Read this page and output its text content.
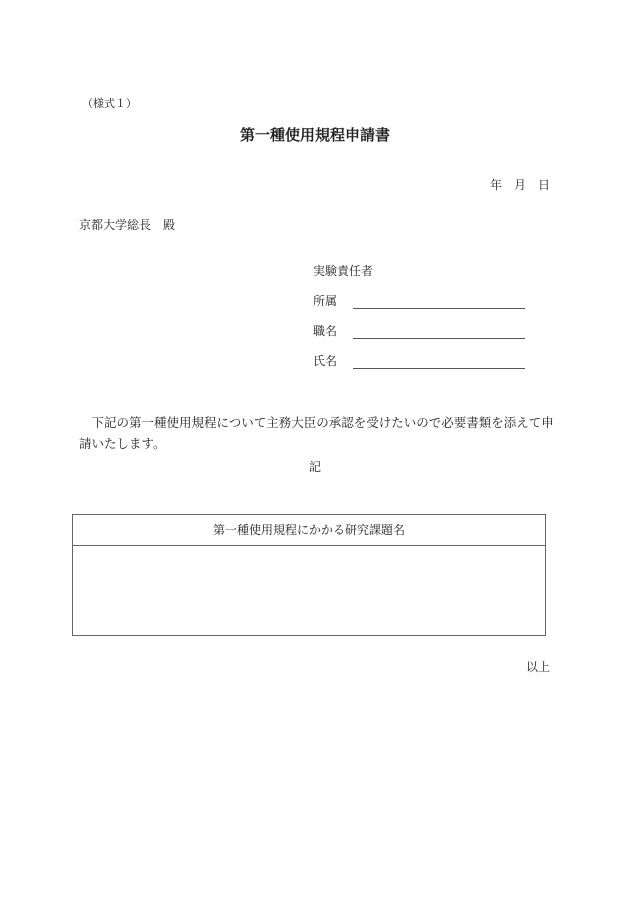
（様式１）
第一種使用規程申請書
年　月　日
京都大学総長　殿
実験責任者
所属
職名
氏名
下記の第一種使用規程について主務大臣の承認を受けたいので必要書類を添えて申請いたします。
記
第一種使用規程にかかる研究課題名
以上
